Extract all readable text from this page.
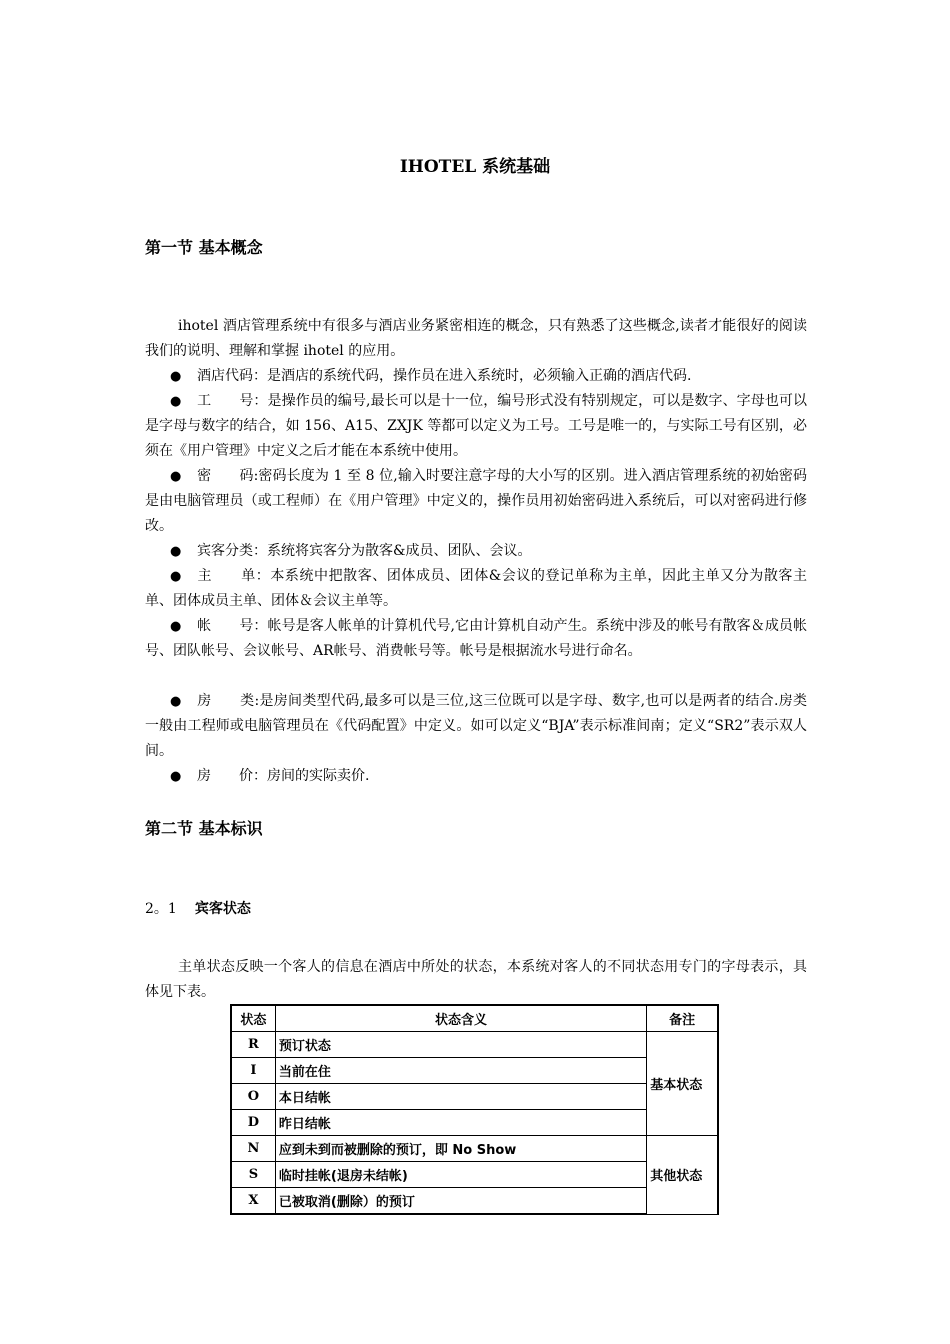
IHOTEL 系统基础
第一节 基本概念
ihotel 酒店管理系统中有很多与酒店业务紧密相连的概念，只有熟悉了这些概念,读者才能很好的阅读我们的说明、理解和掌握 ihotel 的应用。
● 酒店代码：是酒店的系统代码，操作员在进入系统时，必须输入正确的酒店代码.
● 工　　号：是操作员的编号,最长可以是十一位，编号形式没有特别规定，可以是数字、字母也可以是字母与数字的结合，如 156、A15、ZXJK 等都可以定义为工号。工号是唯一的，与实际工号有区别，必须在《用户管理》中定义之后才能在本系统中使用。
● 密　　码:密码长度为 1 至 8 位,输入时要注意字母的大小写的区别。进入酒店管理系统的初始密码是由电脑管理员（或工程师）在《用户管理》中定义的，操作员用初始密码进入系统后，可以对密码进行修改。
● 宾客分类：系统将宾客分为散客&成员、团队、会议。
● 主　　单：本系统中把散客、团体成员、团体&会议的登记单称为主单，因此主单又分为散客主单、团体成员主单、团体＆会议主单等。
● 帐　　号：帐号是客人帐单的计算机代号,它由计算机自动产生。系统中涉及的帐号有散客＆成员帐号、团队帐号、会议帐号、AR帐号、消费帐号等。帐号是根据流水号进行命名。
● 房　　类:是房间类型代码,最多可以是三位,这三位既可以是字母、数字,也可以是两者的结合.房类一般由工程师或电脑管理员在《代码配置》中定义。如可以定义“BJA”表示标准间南；定义“SR2”表示双人间。
● 房　　价：房间的实际卖价.
第二节 基本标识
2。1 宾客状态
主单状态反映一个客人的信息在酒店中所处的状态，本系统对客人的不同状态用专门的字母表示，具体见下表。
状态	状态含义	备注
R	预订状态	基本状态
I	当前在住	
O	本日结帐	
D	昨日结帐	
N	应到未到而被删除的预订，即 No Show	其他状态
S	临时挂帐(退房未结帐)	
X	已被取消(删除）的预订	
